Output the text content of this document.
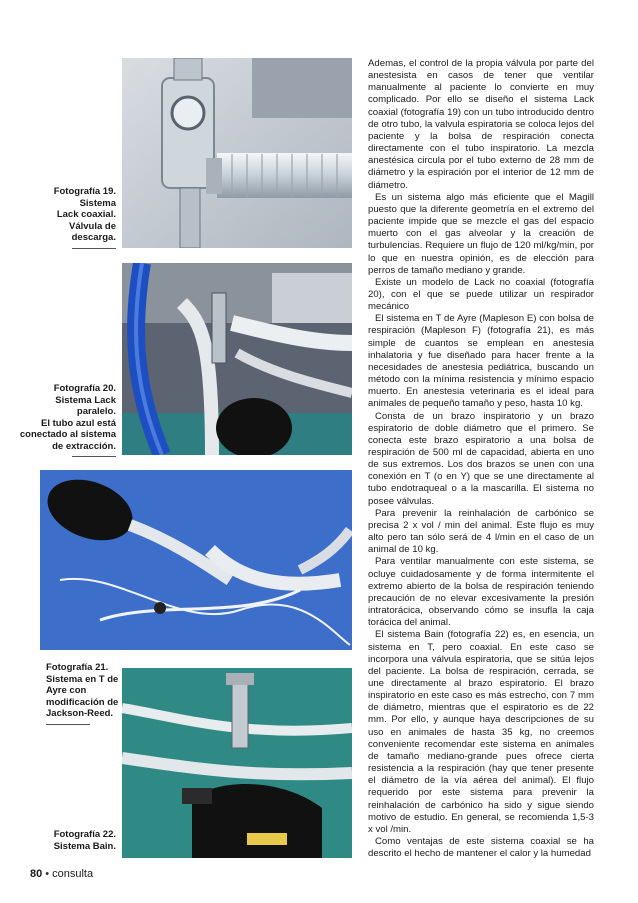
Fotografía 19.
Sistema
Lack coaxial.
Válvula de
descarga.
Fotografía 20.
Sistema Lack
paralelo.
El tubo azul está
conectado al sistema
de extracción.
Fotografía 21.
Sistema en T de
Ayre con
modificación de
Jackson-Reed.
Fotografía 22.
Sistema Bain.

Ademas, el control de la propia válvula por parte del anestesista en casos de tener que ventilar manualmente al paciente lo convierte en muy complicado. Por ello se diseño el sistema Lack coaxial (fotografía 19) con un tubo introducido dentro de otro tubo, la valvula espiratoria se coloca lejos del paciente y la bolsa de respiración conecta directamente con el tubo inspiratorio. La mezcla anestésica circula por el tubo externo de 28 mm de diámetro y la espiración por el interior de 12 mm de diámetro.

Es un sistema algo más eficiente que el Magill puesto que la diferente geometría en el extremo del paciente impide que se mezcle el gas del espacio muerto con el gas alveolar y la creación de turbulencias. Requiere un flujo de 120 ml/kg/min, por lo que en nuestra opinión, es de elección para perros de tamaño mediano y grande.

Existe un modelo de Lack no coaxial (fotografía 20), con el que se puede utilizar un respirador mecánico

El sistema en T de Ayre (Mapleson E) con bolsa de respiración (Mapleson F) (fotografía 21), es más simple de cuantos se emplean en anestesia inhalatoria y fue diseñado para hacer frente a la necesidades de anestesia pediátrica, buscando un método con la mínima resistencia y mínimo espacio muerto. En anestesia veterinaria es el ideal para animales de pequeño tamaño y peso, hasta 10 kg.

Consta de un brazo inspiratorio y un brazo espiratorio de doble diámetro que el primero. Se conecta este brazo espiratorio a una bolsa de respiración de 500 ml de capacidad, abierta en uno de sus extremos. Los dos brazos se unen con una conexión en T (o en Y) que se une directamente al tubo endotraqueal o a la mascarilla. El sistema no posee válvulas.

Para prevenir la reinhalación de carbónico se precisa 2 x vol / min del animal. Este flujo es muy alto pero tan sólo será de 4 l/min en el caso de un animal de 10 kg.

Para ventilar manualmente con este sistema, se ocluye cuidadosamente y de forma intermitente el extremo abierto de la bolsa de respiración teniendo precaución de no elevar excesivamente la presión intratorácica, observando cómo se insufla la caja torácica del animal.

El sistema Bain (fotografía 22) es, en esencia, un sistema en T, pero coaxial. En este caso se incorpora una válvula espiratoria, que se sitúa lejos del paciente. La bolsa de respiración, cerrada, se une directamente al brazo espiratorio. El brazo inspiratorio en este caso es más estrecho, con 7 mm de diámetro, mientras que el espiratorio es de 22 mm. Por ello, y aunque haya descripciones de su uso en animales de hasta 35 kg, no creemos conveniente recomendar este sistema en animales de tamaño mediano-grande pues ofrece cierta resistencia a la respiración (hay que tener presente el diámetro de la vía aérea del animal). El flujo requerido por este sistema para prevenir la reinhalación de carbónico ha sido y sigue siendo motivo de estudio. En general, se recomienda 1,5-3 x vol /min.

Como ventajas de este sistema coaxial se ha descrito el hecho de mantener el calor y la humedad

80 • consulta
